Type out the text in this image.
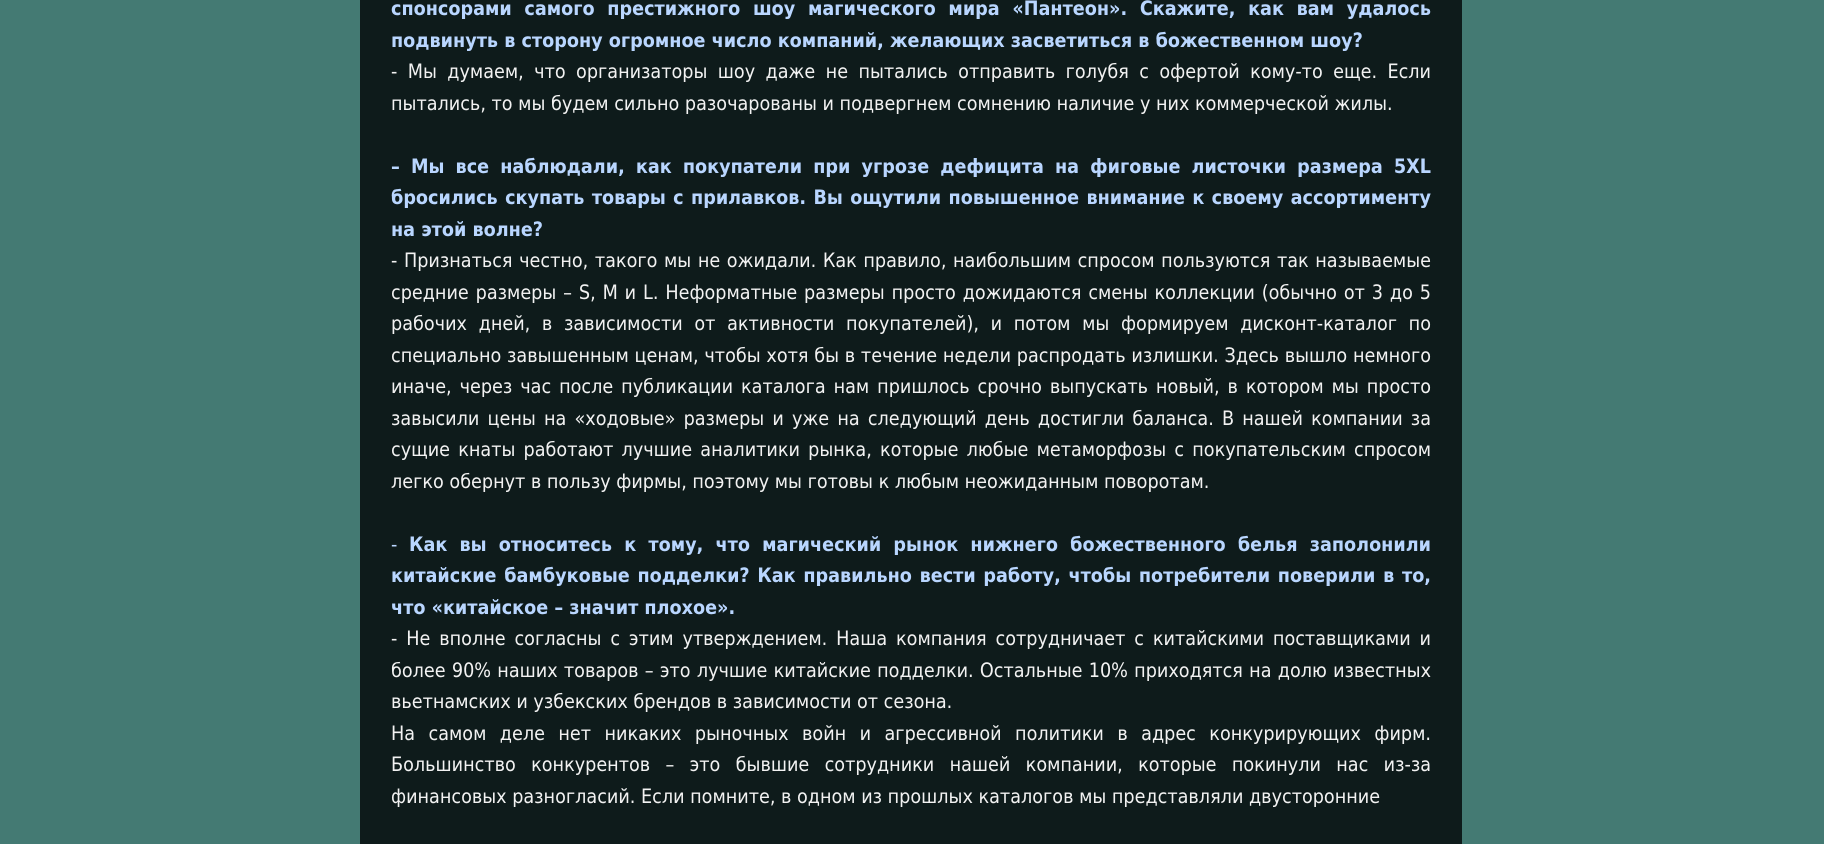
спонсорами самого престижного шоу магического мира «Пантеон». Скажите, как вам удалось подвинуть в сторону огромное число компаний, желающих засветиться в божественном шоу?

- Мы думаем, что организаторы шоу даже не пытались отправить голубя с офертой кому-то еще. Если пытались, то мы будем сильно разочарованы и подвергнем сомнению наличие у них коммерческой жилы.

– Мы все наблюдали, как покупатели при угрозе дефицита на фиговые листочки размера 5XL бросились скупать товары с прилавков. Вы ощутили повышенное внимание к своему ассортименту на этой волне?

- Признаться честно, такого мы не ожидали. Как правило, наибольшим спросом пользуются так называемые средние размеры – S, M и L. Неформатные размеры просто дожидаются смены коллекции (обычно от 3 до 5 рабочих дней, в зависимости от активности покупателей), и потом мы формируем дисконт-каталог по специально завышенным ценам, чтобы хотя бы в течение недели распродать излишки. Здесь вышло немного иначе, через час после публикации каталога нам пришлось срочно выпускать новый, в котором мы просто завысили цены на «ходовые» размеры и уже на следующий день достигли баланса. В нашей компании за сущие кнаты работают лучшие аналитики рынка, которые любые метаморфозы с покупательским спросом легко обернут в пользу фирмы, поэтому мы готовы к любым неожиданным поворотам.

- Как вы относитесь к тому, что магический рынок нижнего божественного белья заполонили китайские бамбуковые подделки? Как правильно вести работу, чтобы потребители поверили в то, что «китайское – значит плохое».

- Не вполне согласны с этим утверждением. Наша компания сотрудничает с китайскими поставщиками и более 90% наших товаров – это лучшие китайские подделки. Остальные 10% приходятся на долю известных вьетнамских и узбекских брендов в зависимости от сезона.

На самом деле нет никаких рыночных войн и агрессивной политики в адрес конкурирующих фирм. Большинство конкурентов – это бывшие сотрудники нашей компании, которые покинули нас из-за финансовых разногласий. Если помните, в одном из прошлых каталогов мы представляли двусторонние
